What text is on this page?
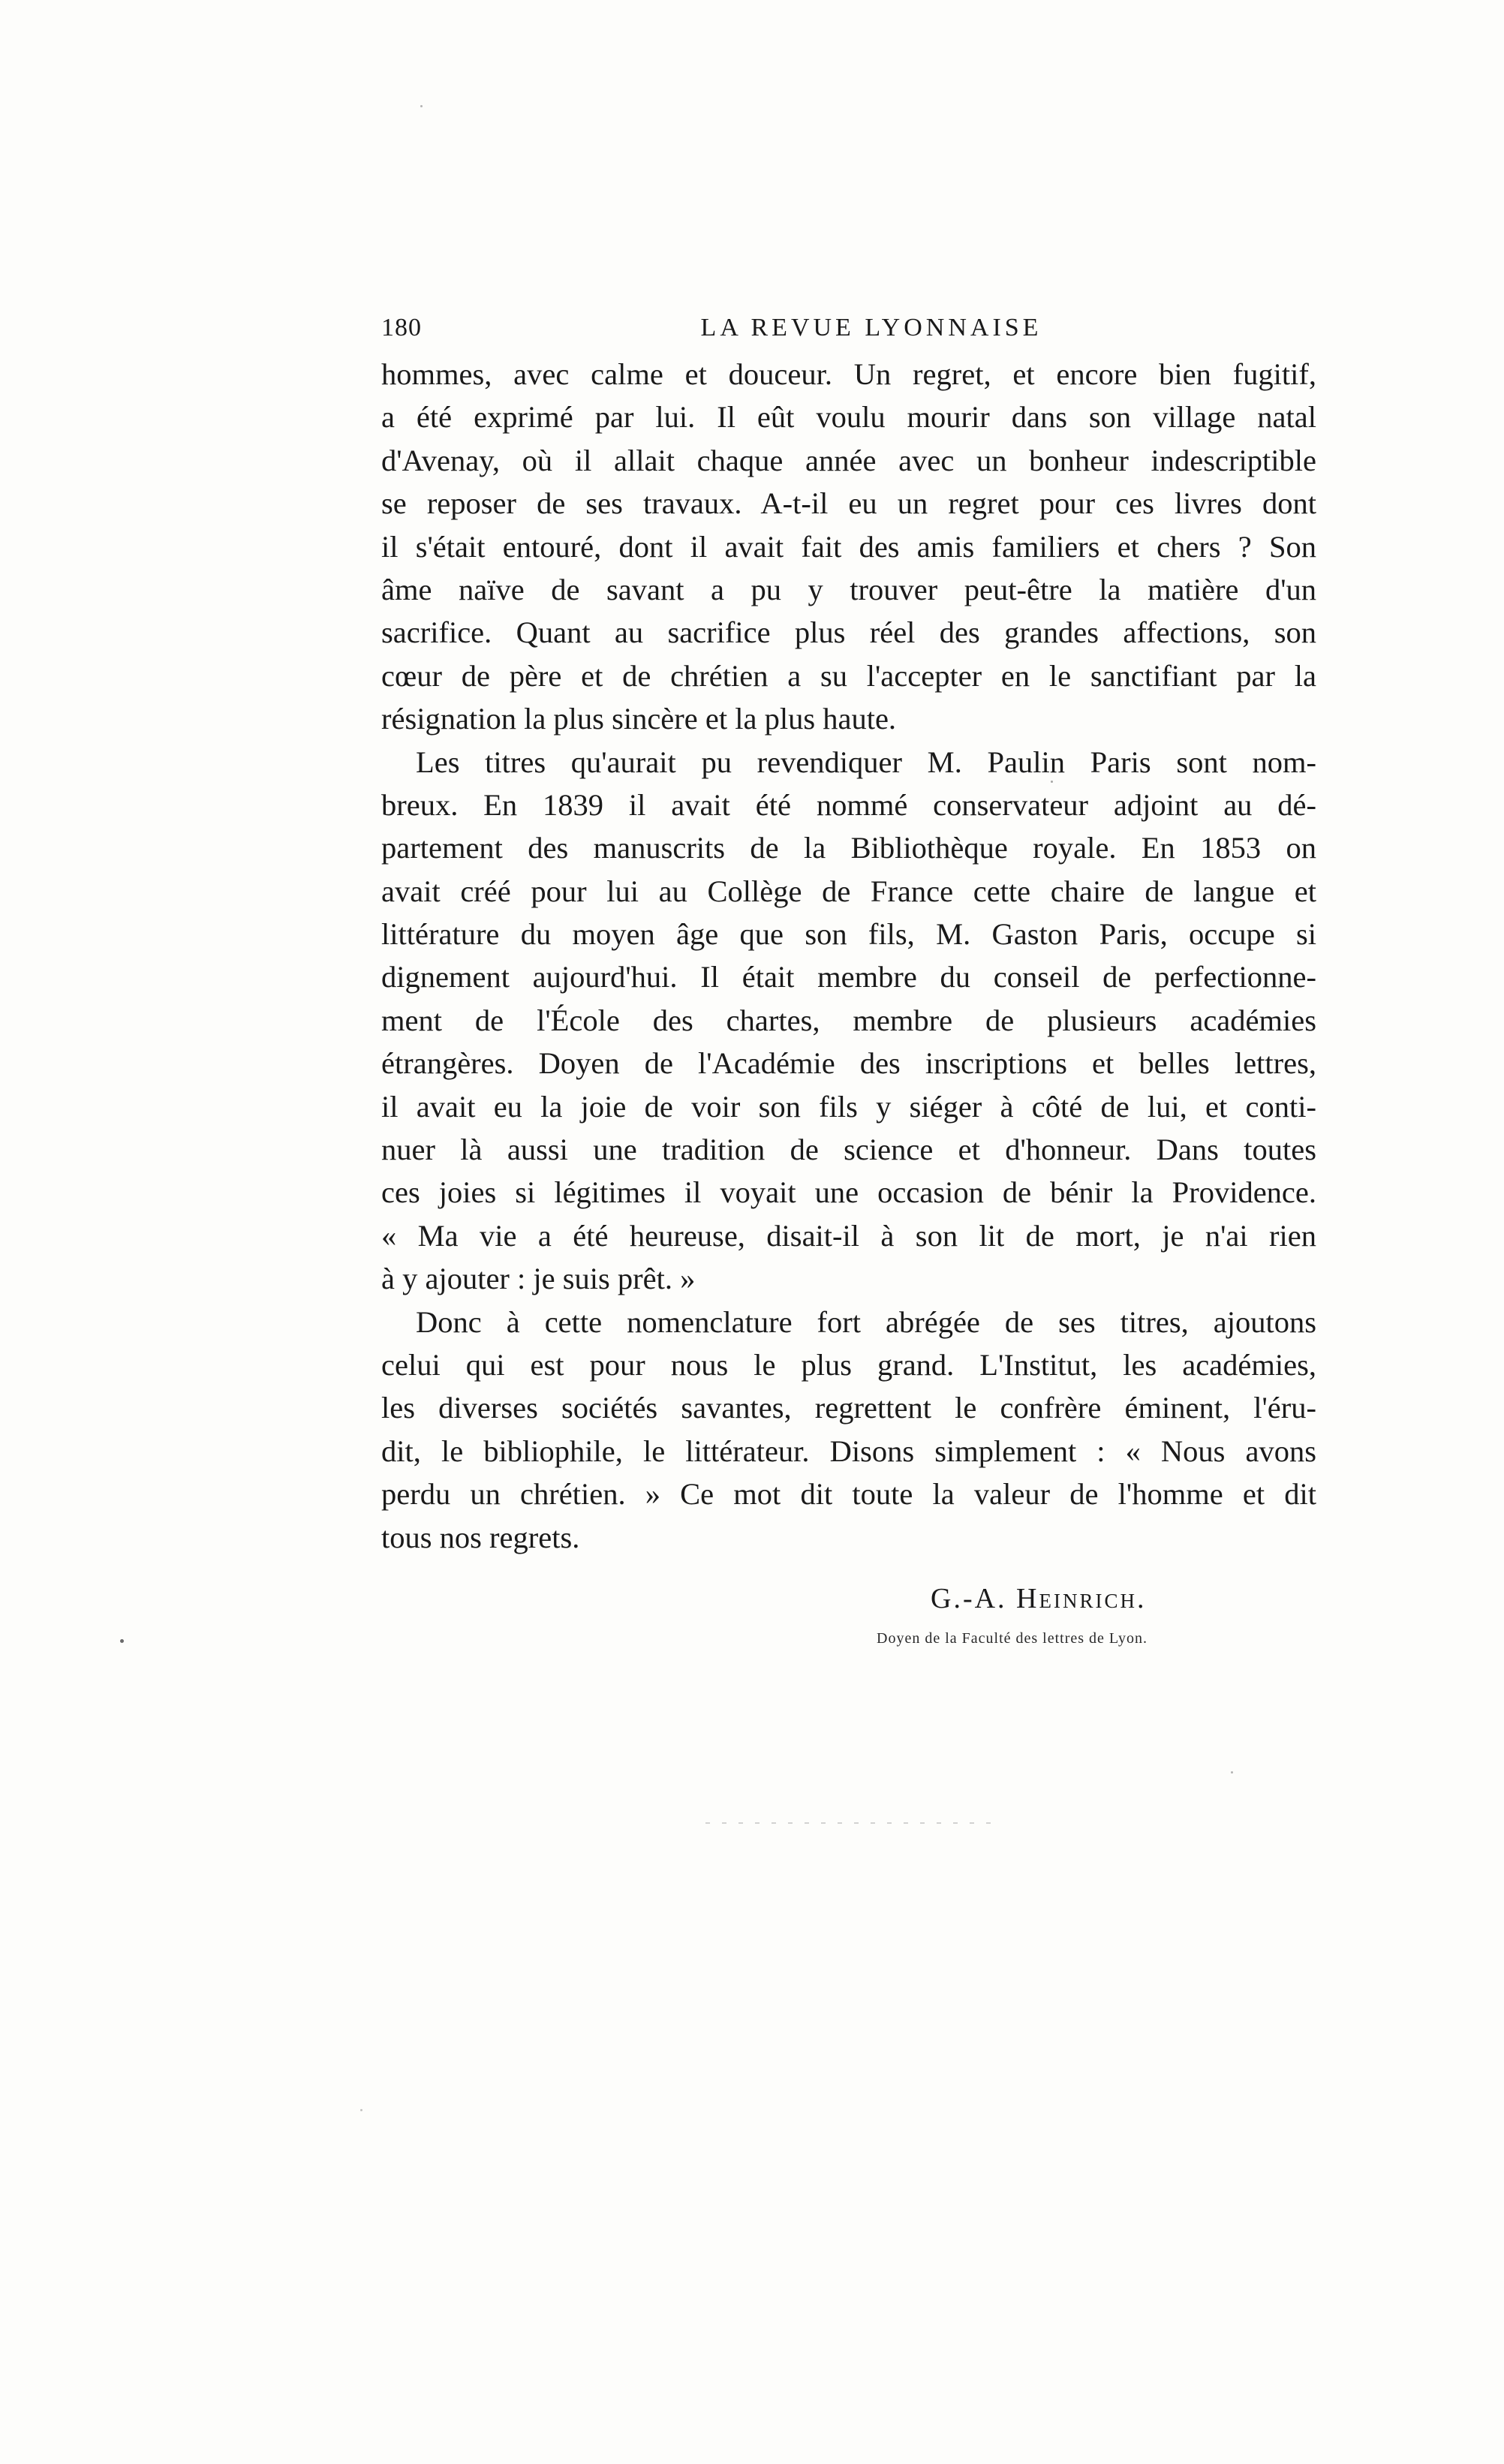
180	LA REVUE LYONNAISE

hommes, avec calme et douceur. Un regret, et encore bien fugitif,
a été exprimé par lui. Il eût voulu mourir dans son village natal
d'Avenay, où il allait chaque année avec un bonheur indescriptible
se reposer de ses travaux. A-t-il eu un regret pour ces livres dont
il s'était entouré, dont il avait fait des amis familiers et chers ? Son
âme naïve de savant a pu y trouver peut-être la matière d'un
sacrifice. Quant au sacrifice plus réel des grandes affections, son
cœur de père et de chrétien a su l'accepter en le sanctifiant par la
résignation la plus sincère et la plus haute.

Les titres qu'aurait pu revendiquer M. Paulin Paris sont nom-
breux. En 1839 il avait été nommé conservateur adjoint au dé-
partement des manuscrits de la Bibliothèque royale. En 1853 on
avait créé pour lui au Collège de France cette chaire de langue et
littérature du moyen âge que son fils, M. Gaston Paris, occupe si
dignement aujourd'hui. Il était membre du conseil de perfectionne-
ment de l'École des chartes, membre de plusieurs académies
étrangères. Doyen de l'Académie des inscriptions et belles lettres,
il avait eu la joie de voir son fils y siéger à côté de lui, et conti-
nuer là aussi une tradition de science et d'honneur. Dans toutes
ces joies si légitimes il voyait une occasion de bénir la Providence.
« Ma vie a été heureuse, disait-il à son lit de mort, je n'ai rien
à y ajouter : je suis prêt. »

Donc à cette nomenclature fort abrégée de ses titres, ajoutons
celui qui est pour nous le plus grand. L'Institut, les académies,
les diverses sociétés savantes, regrettent le confrère éminent, l'éru-
dit, le bibliophile, le littérateur. Disons simplement : « Nous avons
perdu un chrétien. » Ce mot dit toute la valeur de l'homme et dit
tous nos regrets.

G.-A. Heinrich.
Doyen de la Faculté des lettres de Lyon.
